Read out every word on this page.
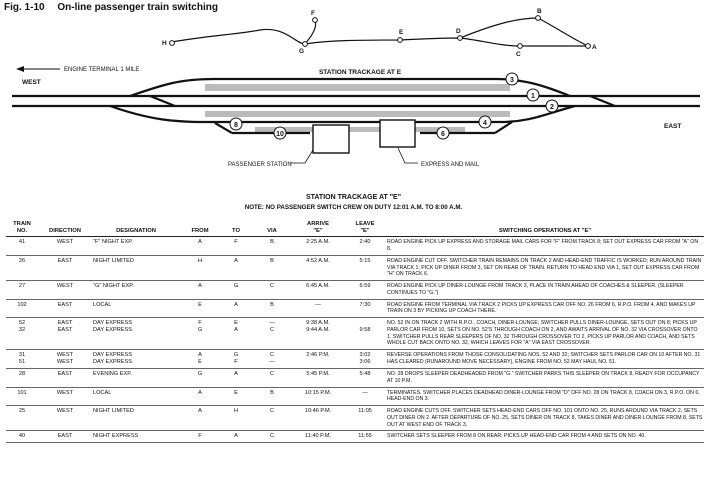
Fig. 1-10 On-line passenger train switching
H
G
F
E	D
B
C
A
STATION TRACKAGE AT E
ENGINE TERMINAL 1 MILE
WEST
EAST
3
1
2
4
6
8
10
PASSENGER STATION	EXPRESS AND MAIL
STATION TRACKAGE AT "E"
NOTE: NO PASSENGER SWITCH CREW ON DUTY 12:01 A.M. TO 8:00 A.M.
TRAIN
NO.	DIRECTION	DESIGNATION	FROM	TO	VIA	ARRIVE
"E"	LEAVE
"E"	SWITCHING OPERATIONS AT "E"

41	WEST	"F" NIGHT EXP.	A	F	B	2:25 A.M.	2:40	ROAD ENGINE PICK UP EXPRESS AND STORAGE MAIL CARS FOR "F" FROM TRACK 8; SET OUT EXPRESS CAR FROM "A" ON 8.

26	EAST	NIGHT LIMITED	H	A	B	4:52 A.M.	5:15	ROAD ENGINE CUT OFF. SWITCHER TRAIN REMAINS ON TRACK 2 AND HEAD-END TRAFFIC IS WORKED; RUN AROUND TRAIN VIA TRACK 1; PICK UP DINER FROM 3, SET ON REAR OF TRAIN. RETURN TO HEAD END VIA 1, SET OUT EXPRESS CAR FROM "H" ON TRACK 6.

27	WEST	"G" NIGHT EXP.	A	G	C	6:45 A.M.	6:59	ROAD ENGINE PICK UP DINER-LOUNGE FROM TRACK 3, PLACE IN TRAIN AHEAD OF COACHES & SLEEPER. (SLEEPER CONTINUES TO "G.")

102	EAST	LOCAL	E	A	B	—	7:30	ROAD ENGINE FROM TERMINAL VIA TRACK 2 PICKS UP EXPRESS CAR OFF NO. 26 FROM 6, R.P.O. FROM 4, AND MAKES UP TRAIN ON 3 BY PICKING UP COACH THERE.

52
32	EAST
EAST	DAY EXPRESS
DAY EXPRESS	F
G	E
A	—
C	9:38 A.M.
9:44 A.M.	9:58	NO. 52 IN ON TRACK 2 WITH R.P.O., COACH, DINER-LOUNGE; SWITCHER PULLS DINER-LOUNGE, SETS OUT ON 8; PICKS UP PARLOR CAR FROM 10, SETS ON NO. 52'S THROUGH COACH ON 2, AND AWAITS ARRIVAL OF NO. 32 VIA CROSSOVER ONTO 1. SWITCHER PULLS REAR SLEEPERS OF NO. 32 THROUGH CROSSOVER TO 2, PICKS UP PARLOR AND COACH, AND SETS WHOLE CUT BACK ONTO NO. 32, WHICH LEAVES FOR "A" VIA EAST CROSSOVER.

31
51	WEST
WEST	DAY EXPRESS
DAY EXPRESS	A
E	G
F	C
—	2:46 P.M.	3:02
3:06	REVERSE OPERATIONS FROM THOSE CONSOLIDATING NOS. 52 AND 32; SWITCHER SETS PARLOR CAR ON 10 AFTER NO. 31 HAS CLEARED (RUNAROUND MOVE NECESSARY), ENGINE FROM NO. 52 MAY HAUL NO. 51.

28	EAST	EVENING EXP.	G	A	C	5:45 P.M.	5:48	NO. 28 DROPS SLEEPER DEADHEADED FROM "G." SWITCHER PARKS THIS SLEEPER ON TRACK 8, READY FOR OCCUPANCY AT 10 P.M.

101	WEST	LOCAL	A	E	B	10:15 P.M.	—	TERMINATES. SWITCHER PLACES DEADHEAD DINER-LOUNGE FROM "D" OFF NO. 28 ON TRACK 8, COACH ON 3, R.P.O. ON 6, HEAD-END ON 3.

25	WEST	NIGHT LIMITED	A	H	C	10:46 P.M.	11:05	ROAD ENGINE CUTS OFF. SWITCHER SETS HEAD-END CARS OFF NO. 101 ONTO NO. 25, RUNS AROUND VIA TRACK 2, SETS OUT DINER ON 2. AFTER DEPARTURE OF NO. 25, SETS DINER ON TRACK 8, TAKES DINER AND DINER-LOUNGE FROM 8, SETS OUT AT WEST END OF TRACK 3.

40	EAST	NIGHT EXPRESS	F	A	C	11:40 P.M.	11:55	SWITCHER SETS SLEEPER FROM 8 ON REAR; PICKS UP HEAD-END CAR FROM 4 AND SETS ON NO. 40.
